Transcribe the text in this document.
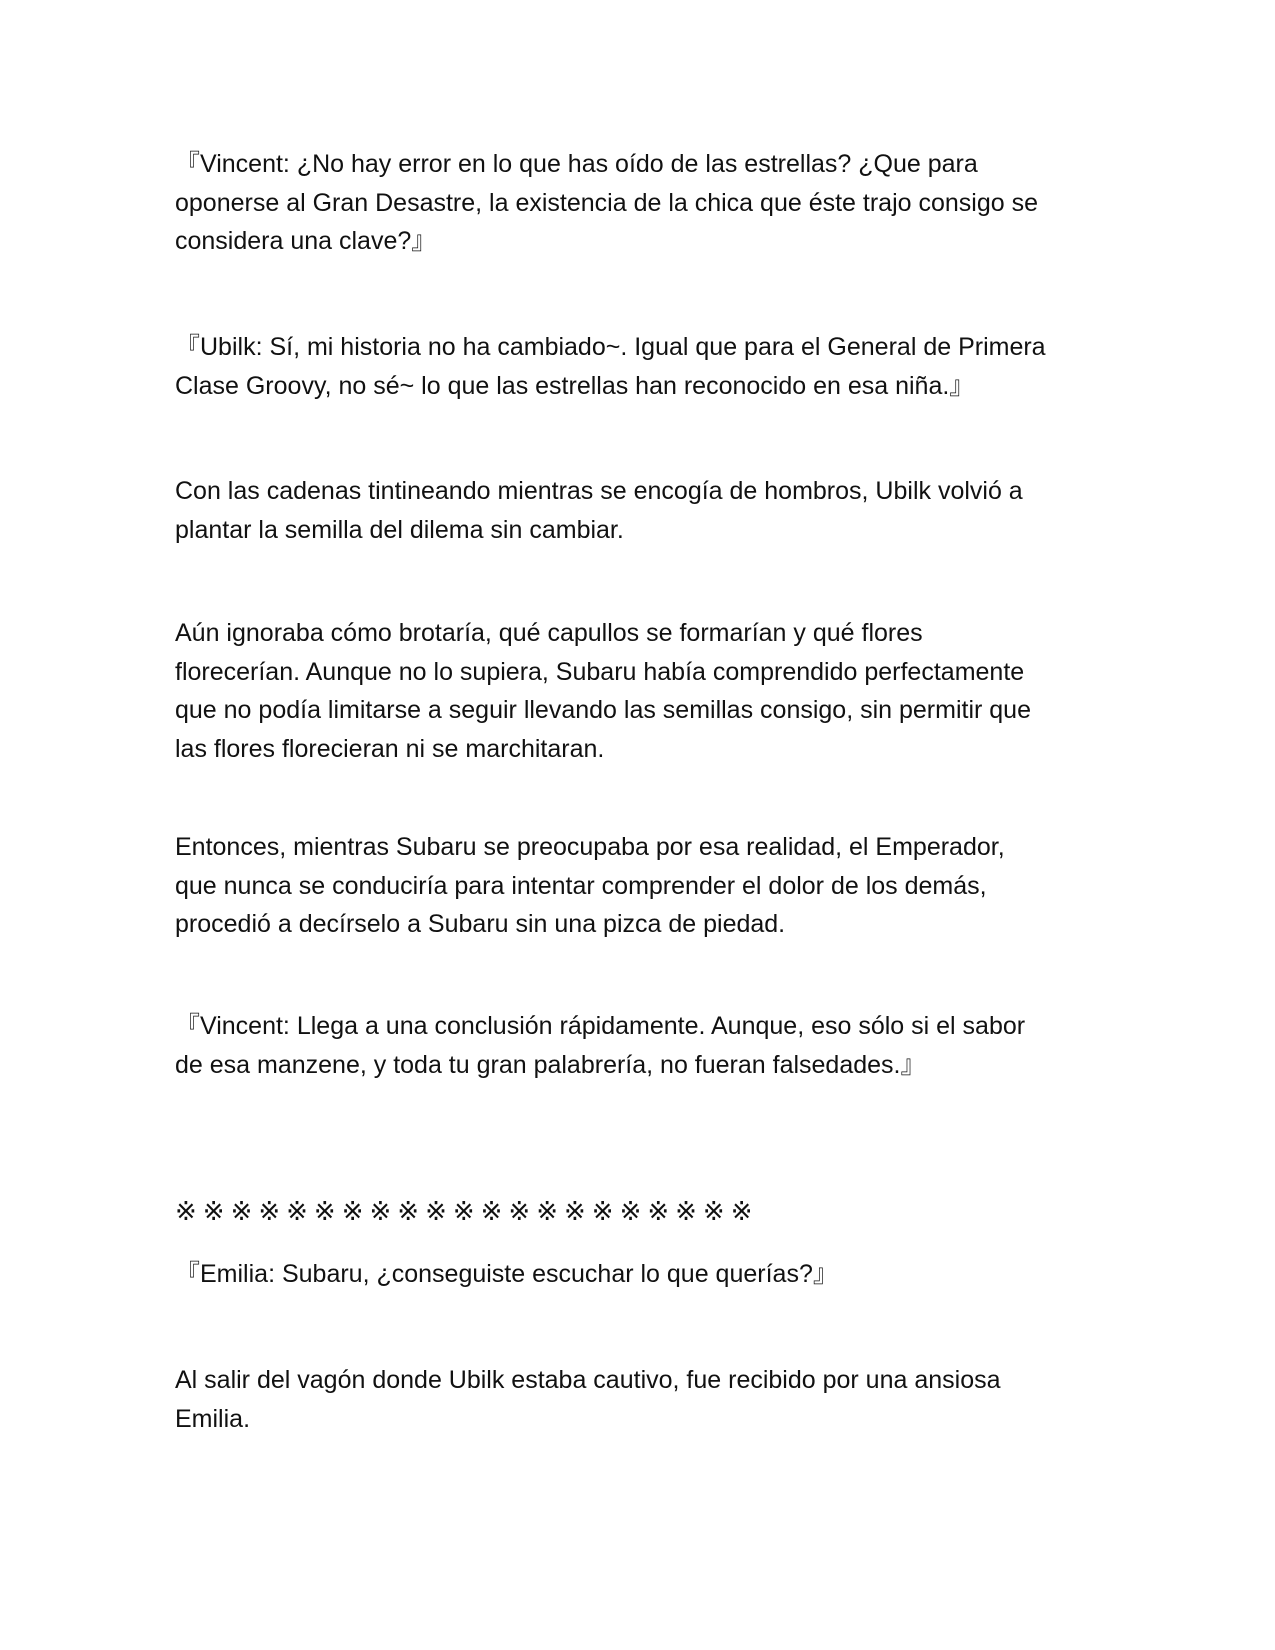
『Vincent: ¿No hay error en lo que has oído de las estrellas? ¿Que para
oponerse al Gran Desastre, la existencia de la chica que éste trajo consigo se
considera una clave?』

『Ubilk: Sí, mi historia no ha cambiado~. Igual que para el General de Primera
Clase Groovy, no sé~ lo que las estrellas han reconocido en esa niña.』

Con las cadenas tintineando mientras se encogía de hombros, Ubilk volvió a
plantar la semilla del dilema sin cambiar.

Aún ignoraba cómo brotaría, qué capullos se formarían y qué flores
florecerían. Aunque no lo supiera, Subaru había comprendido perfectamente
que no podía limitarse a seguir llevando las semillas consigo, sin permitir que
las flores florecieran ni se marchitaran.

Entonces, mientras Subaru se preocupaba por esa realidad, el Emperador,
que nunca se conduciría para intentar comprender el dolor de los demás,
procedió a decírselo a Subaru sin una pizca de piedad.

『Vincent: Llega a una conclusión rápidamente. Aunque, eso sólo si el sabor
de esa manzene, y toda tu gran palabrería, no fueran falsedades.』

※※※※※※※※※※※※※※※※※※※※※

『Emilia: Subaru, ¿conseguiste escuchar lo que querías?』

Al salir del vagón donde Ubilk estaba cautivo, fue recibido por una ansiosa
Emilia.
